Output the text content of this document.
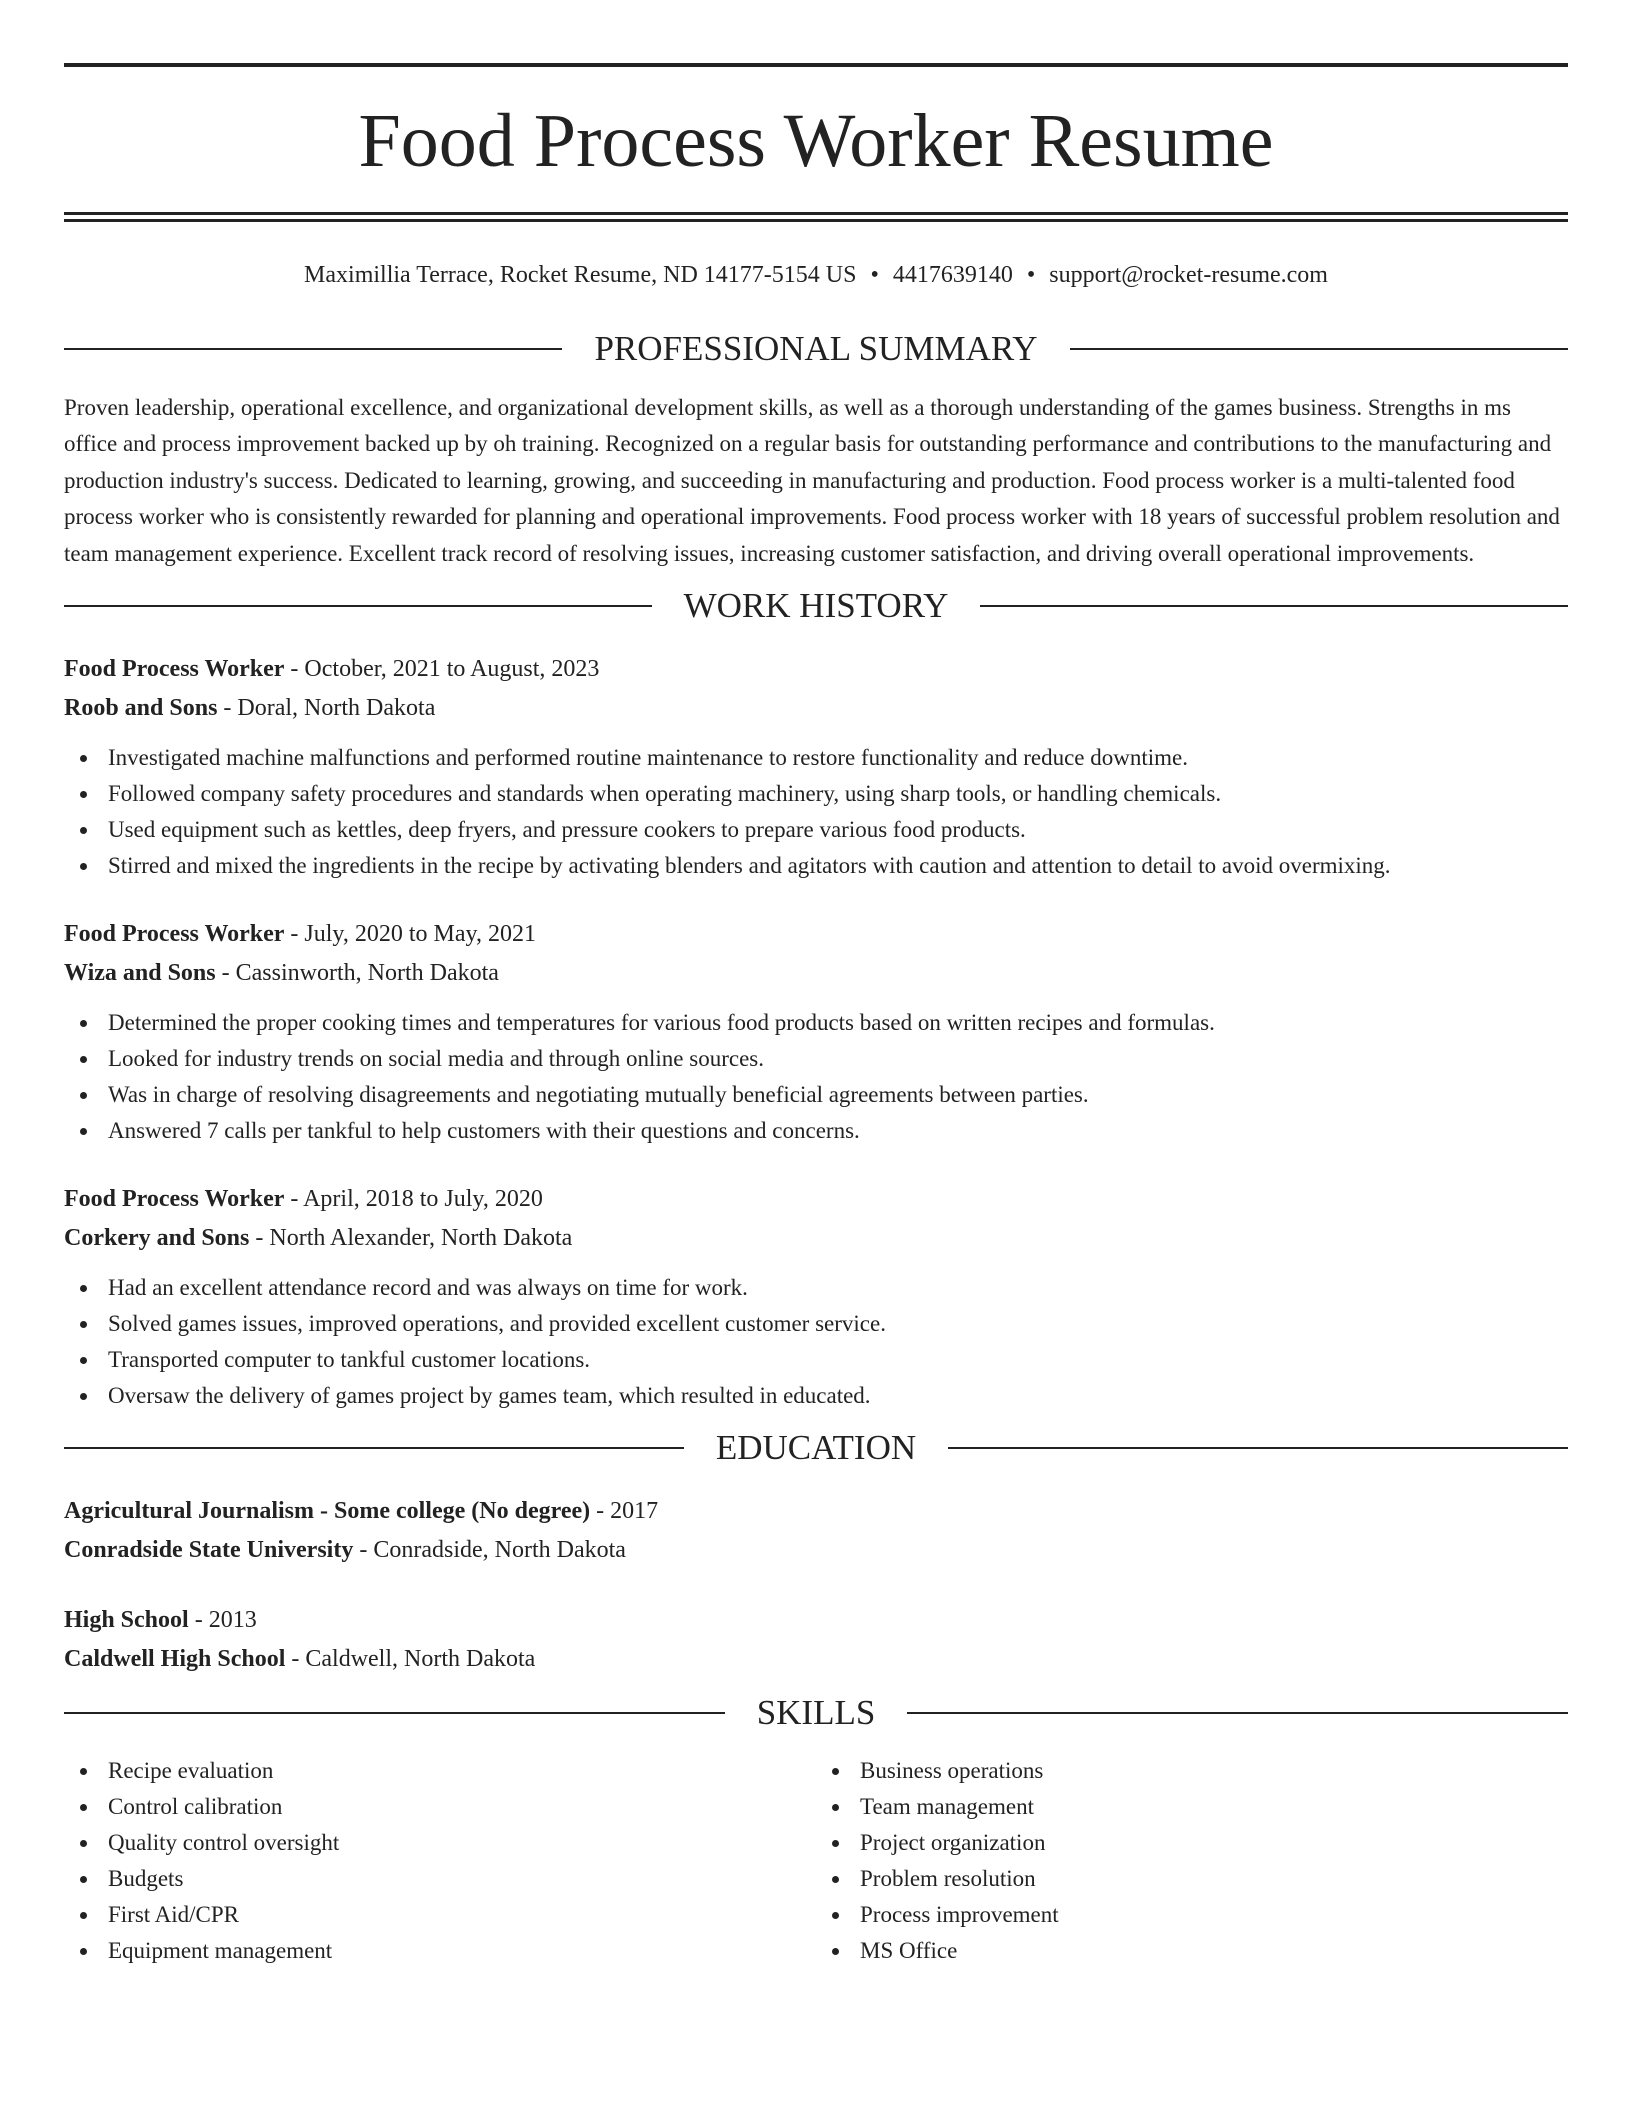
Food Process Worker Resume
Maximillia Terrace, Rocket Resume, ND 14177-5154 US • 4417639140 • support@rocket-resume.com
PROFESSIONAL SUMMARY

Proven leadership, operational excellence, and organizational development skills, as well as a thorough understanding of the games business. Strengths in ms office and process improvement backed up by oh training. Recognized on a regular basis for outstanding performance and contributions to the manufacturing and production industry's success. Dedicated to learning, growing, and succeeding in manufacturing and production. Food process worker is a multi-talented food process worker who is consistently rewarded for planning and operational improvements. Food process worker with 18 years of successful problem resolution and team management experience. Excellent track record of resolving issues, increasing customer satisfaction, and driving overall operational improvements.

WORK HISTORY
Food Process Worker - October, 2021 to August, 2023
Roob and Sons - Doral, North Dakota
Investigated machine malfunctions and performed routine maintenance to restore functionality and reduce downtime.
Followed company safety procedures and standards when operating machinery, using sharp tools, or handling chemicals.
Used equipment such as kettles, deep fryers, and pressure cookers to prepare various food products.
Stirred and mixed the ingredients in the recipe by activating blenders and agitators with caution and attention to detail to avoid overmixing.
Food Process Worker - July, 2020 to May, 2021
Wiza and Sons - Cassinworth, North Dakota
Determined the proper cooking times and temperatures for various food products based on written recipes and formulas.
Looked for industry trends on social media and through online sources.
Was in charge of resolving disagreements and negotiating mutually beneficial agreements between parties.
Answered 7 calls per tankful to help customers with their questions and concerns.
Food Process Worker - April, 2018 to July, 2020
Corkery and Sons - North Alexander, North Dakota
Had an excellent attendance record and was always on time for work.
Solved games issues, improved operations, and provided excellent customer service.
Transported computer to tankful customer locations.
Oversaw the delivery of games project by games team, which resulted in educated.
EDUCATION
Agricultural Journalism - Some college (No degree) - 2017
Conradside State University - Conradside, North Dakota
High School - 2013
Caldwell High School - Caldwell, North Dakota
SKILLS
Recipe evaluation
Control calibration
Quality control oversight
Budgets
First Aid/CPR
Equipment management
Business operations
Team management
Project organization
Problem resolution
Process improvement
MS Office
